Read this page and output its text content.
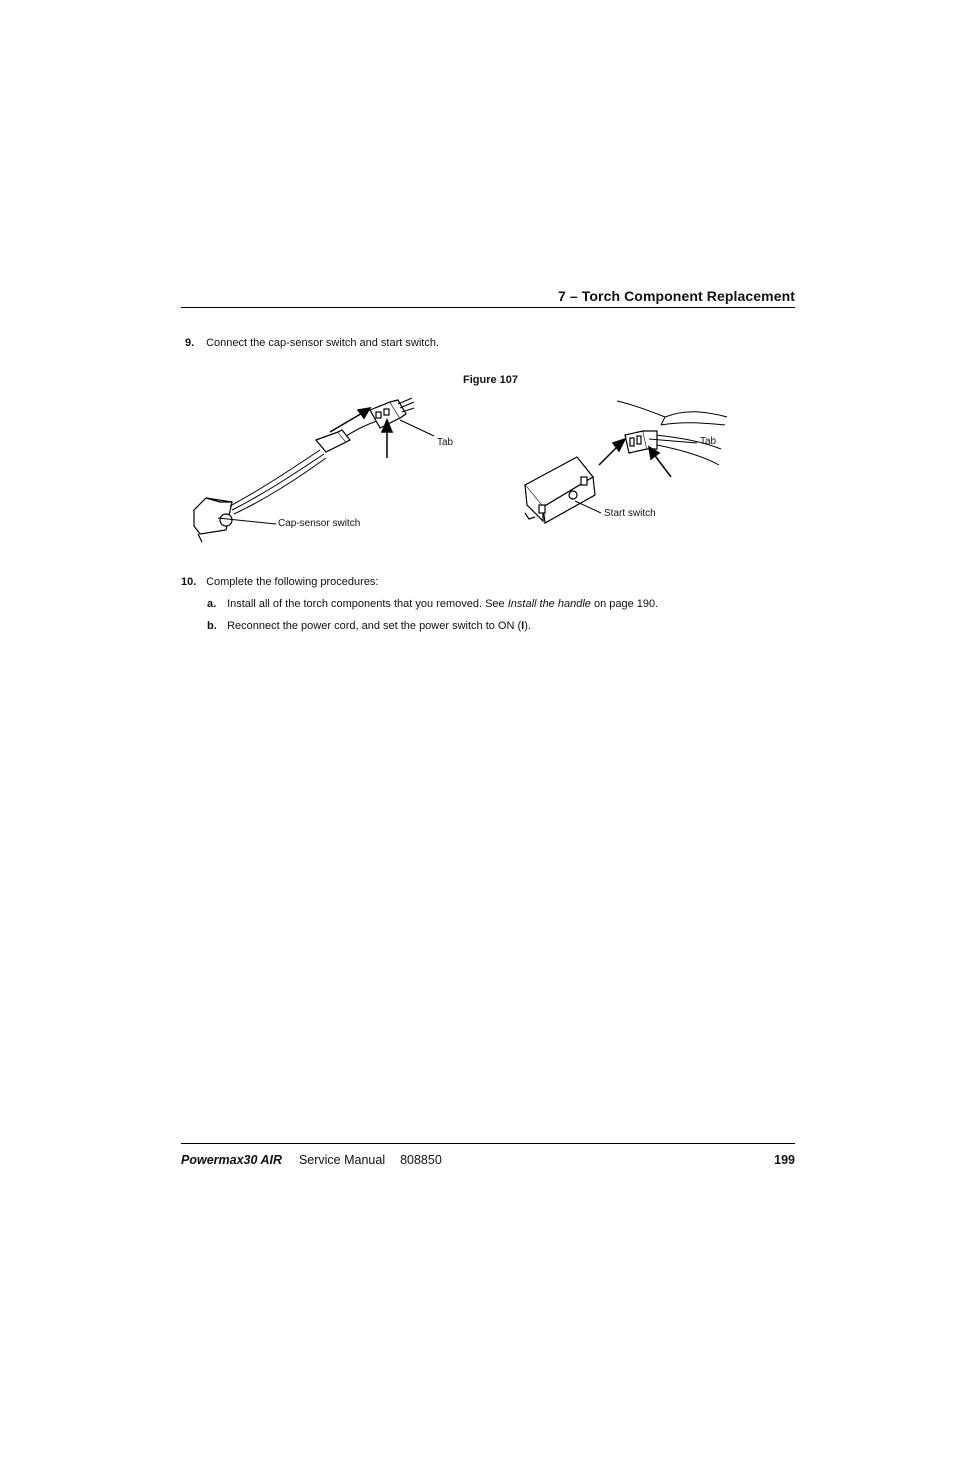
7 – Torch Component Replacement
9. Connect the cap-sensor switch and start switch.
Figure 107
Tab
Cap-sensor switch
Tab
Start switch
10. Complete the following procedures:
a. Install all of the torch components that you removed. See Install the handle on page 190.
b. Reconnect the power cord, and set the power switch to ON (I).
Powermax30 AIR Service Manual 808850	199
